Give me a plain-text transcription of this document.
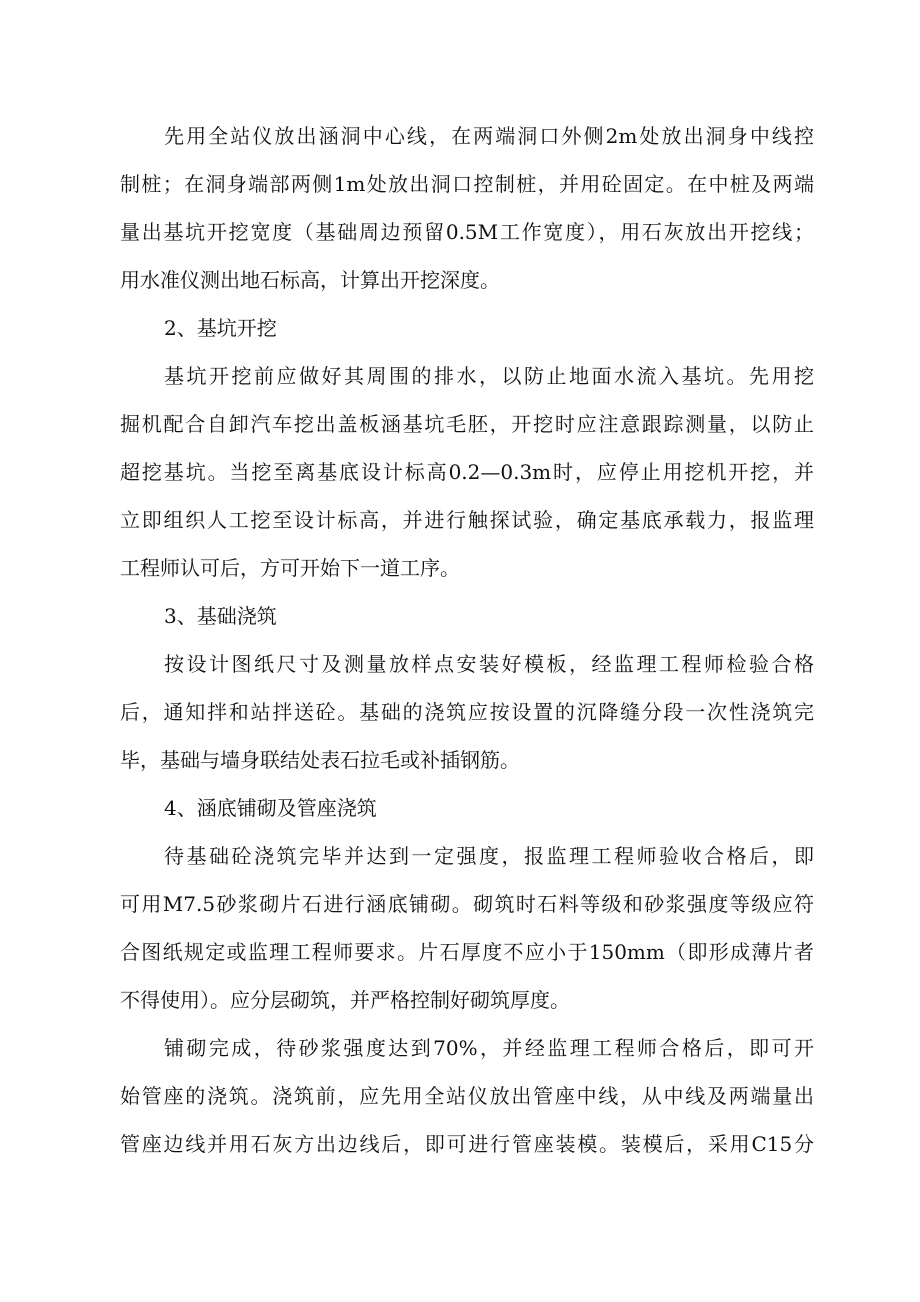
先用全站仪放出涵洞中心线，在两端洞口外侧2m处放出洞身中线控
制桩；在洞身端部两侧1m处放出洞口控制桩，并用砼固定。在中桩及两端
量出基坑开挖宽度（基础周边预留0.5M工作宽度），用石灰放出开挖线；
用水准仪测出地石标高，计算出开挖深度。
2、基坑开挖
基坑开挖前应做好其周围的排水，以防止地面水流入基坑。先用挖
掘机配合自卸汽车挖出盖板涵基坑毛胚，开挖时应注意跟踪测量，以防止
超挖基坑。当挖至离基底设计标高0.2—0.3m时，应停止用挖机开挖，并
立即组织人工挖至设计标高，并进行触探试验，确定基底承载力，报监理
工程师认可后，方可开始下一道工序。
3、基础浇筑
按设计图纸尺寸及测量放样点安装好模板，经监理工程师检验合格
后，通知拌和站拌送砼。基础的浇筑应按设置的沉降缝分段一次性浇筑完
毕，基础与墙身联结处表石拉毛或补插钢筋。
4、涵底铺砌及管座浇筑
待基础砼浇筑完毕并达到一定强度，报监理工程师验收合格后，即
可用M7.5砂浆砌片石进行涵底铺砌。砌筑时石料等级和砂浆强度等级应符
合图纸规定或监理工程师要求。片石厚度不应小于150mm（即形成薄片者
不得使用）。应分层砌筑，并严格控制好砌筑厚度。
铺砌完成，待砂浆强度达到70%，并经监理工程师合格后，即可开
始管座的浇筑。浇筑前，应先用全站仪放出管座中线，从中线及两端量出
管座边线并用石灰方出边线后，即可进行管座装模。装模后，采用C15分
